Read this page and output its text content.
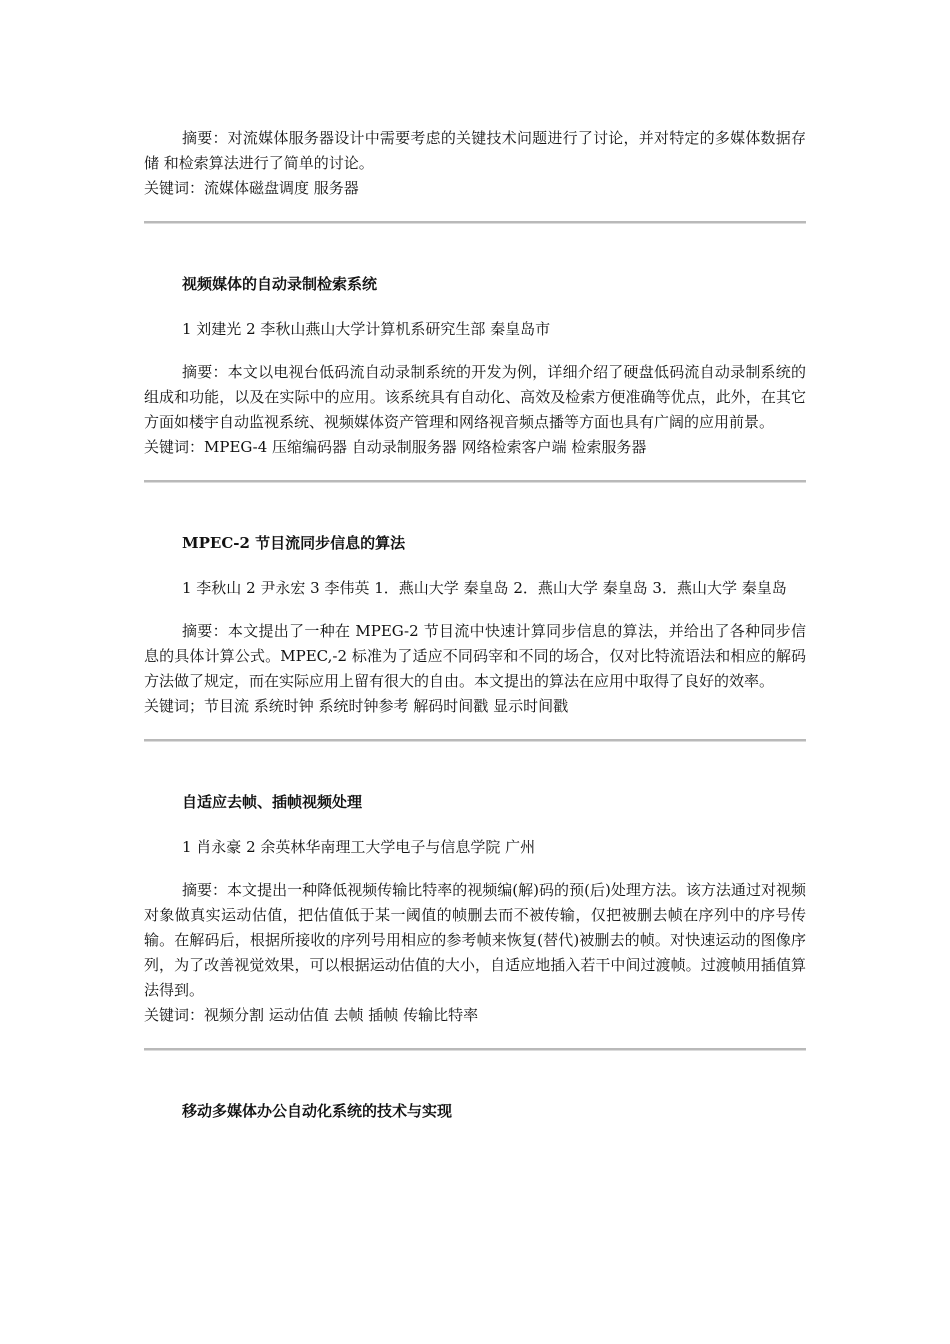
摘要：对流媒体服务器设计中需要考虑的关键技术问题进行了讨论，并对特定的多媒体数据存储 和检索算法进行了简单的讨论。

关键词：流媒体磁盘调度 服务器

视频媒体的自动录制检索系统

1 刘建光 2 李秋山燕山大学计算机系研究生部 秦皇岛市

摘要：本文以电视台低码流自动录制系统的开发为例，详细介绍了硬盘低码流自动录制系统的组成和功能，以及在实际中的应用。该系统具有自动化、高效及检索方便准确等优点，此外，在其它方面如楼宇自动监视系统、视频媒体资产管理和网络视音频点播等方面也具有广阔的应用前景。

关键词：MPEG-4 压缩编码器 自动录制服务器 网络检索客户端 检索服务器

MPEC-2 节目流同步信息的算法

1 李秋山 2 尹永宏 3 李伟英 1．燕山大学 秦皇岛 2．燕山大学 秦皇岛 3．燕山大学 秦皇岛

摘要：本文提出了一种在 MPEG-2 节目流中快速计算同步信息的算法，并给出了各种同步信息的具体计算公式。MPEC,-2 标准为了适应不同码宰和不同的场合，仅对比特流语法和相应的解码方法做了规定，而在实际应用上留有很大的自由。本文提出的算法在应用中取得了良好的效率。

关键词；节目流 系统时钟 系统时钟参考 解码时间戳 显示时间戳

自适应去帧、插帧视频处理

1 肖永豪 2 余英林华南理工大学电子与信息学院 广州

摘要：本文提出一种降低视频传输比特率的视频编(解)码的预(后)处理方法。该方法通过对视频对象做真实运动估值，把估值低于某一阈值的帧删去而不被传输，仅把被删去帧在序列中的序号传输。在解码后，根据所接收的序列号用相应的参考帧来恢复(替代)被删去的帧。对快速运动的图像序列，为了改善视觉效果，可以根据运动估值的大小，自适应地插入若干中间过渡帧。过渡帧用插值算法得到。

关键词：视频分割 运动估值 去帧 插帧 传输比特率

移动多媒体办公自动化系统的技术与实现
